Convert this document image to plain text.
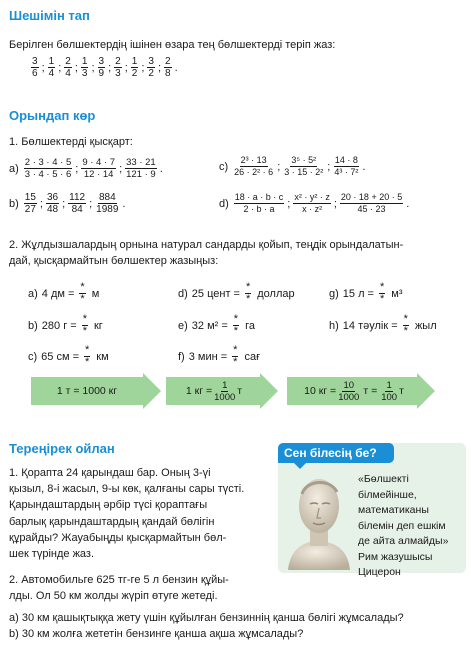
Шешімін тап
Берілген бөлшектердің ішінен өзара тең бөлшектерді теріп жаз:
$\frac{3}{6}$ ; $\frac{1}{4}$ ; $\frac{2}{4}$ ; $\frac{1}{3}$ ; $\frac{3}{9}$ ; $\frac{2}{3}$ ; $\frac{1}{2}$ ; $\frac{3}{2}$ ; $\frac{2}{8}$ .
Орындап көр
1. Бөлшектерді қысқарт:
$а) \frac{2 \cdot 3 \cdot 4 \cdot 5}{3 \cdot 4 \cdot 5 \cdot 6}$ ; $\frac{9 \cdot 4 \cdot 7}{12 \cdot 14}$ ; $\frac{33 \cdot 21}{121 \cdot 9}$ .	$c) \frac{\text{2³ · 13}}{\text{26 · 2² · 6}}$ ; $\frac{\text{3⁵ · 5²}}{\text{3 · 15 · 2²}}$ ; $\frac{14 \cdot 8}{\text{4³ · 7²}}$ .
$b) \frac{15}{27}$ ; $\frac{36}{48}$ ; $\frac{112}{84}$ ; $\frac{884}{1989}$ .	$d) \frac{18 \cdot a \cdot b \cdot c}{2 \cdot b \cdot a}$ ; $\frac{\text{x² · y² · z}}{\text{x · z²}}$ ; $\frac{20 \cdot 18 + 20 \cdot 5}{45 \cdot 23}$ .
2. Жұлдызшалардың орнына натурал сандарды қойып, теңдік орындалатын-
дай, қысқармайтын бөлшектер жазыңыз:
a) 4 дм = $\frac{*}{*}$ м	d) 25 цент = $\frac{*}{*}$ доллар	g) 15 $л = \frac{*}{*} м^3$
b) 280 $г = \frac{*}{*}$ кг	e) 32 $м^2 = \frac{*}{*}$ га	h) 14 тәулік = $\frac{*}{*}$ жыл
c) 65 см = $\frac{*}{*}$ км	f) 3 мин = $\frac{*}{*}$ сағ
1 т = 1000 кг	1 кг = $\frac{1}{1000}$ т	10 кг = $\frac{10}{1000}$ $т = \frac{1}{100}$ т
Тереңірек ойлан
1. Қорапта 24 қарындаш бар. Оның 3-үі
қызыл, 8-і жасыл, 9-ы көк, қалғаны сары түсті.
Қарындаштардың әрбір түсі қораптағы
барлық қарындаштардың қандай бөлігін
құрайды? Жауабыңды қысқармайтын бөл-
шек түрінде жаз.
2. Автомобильге 625 тг-ге 5 л бензин құйы-
лды. Ол 50 км жолды жүріп өтуге жетеді.
а) 30 км қашықтыққа жету үшін құйылған бензиннің қанша бөлігі жұмсалады?
b) 30 км жолға жететін бензинге қанша ақша жұмсалады?
Сен білесің бе?
«Бөлшекті
білмейінше,
математиканы
білемін деп ешкім
де айта алмайды»
Рим жазушысы
Цицерон
